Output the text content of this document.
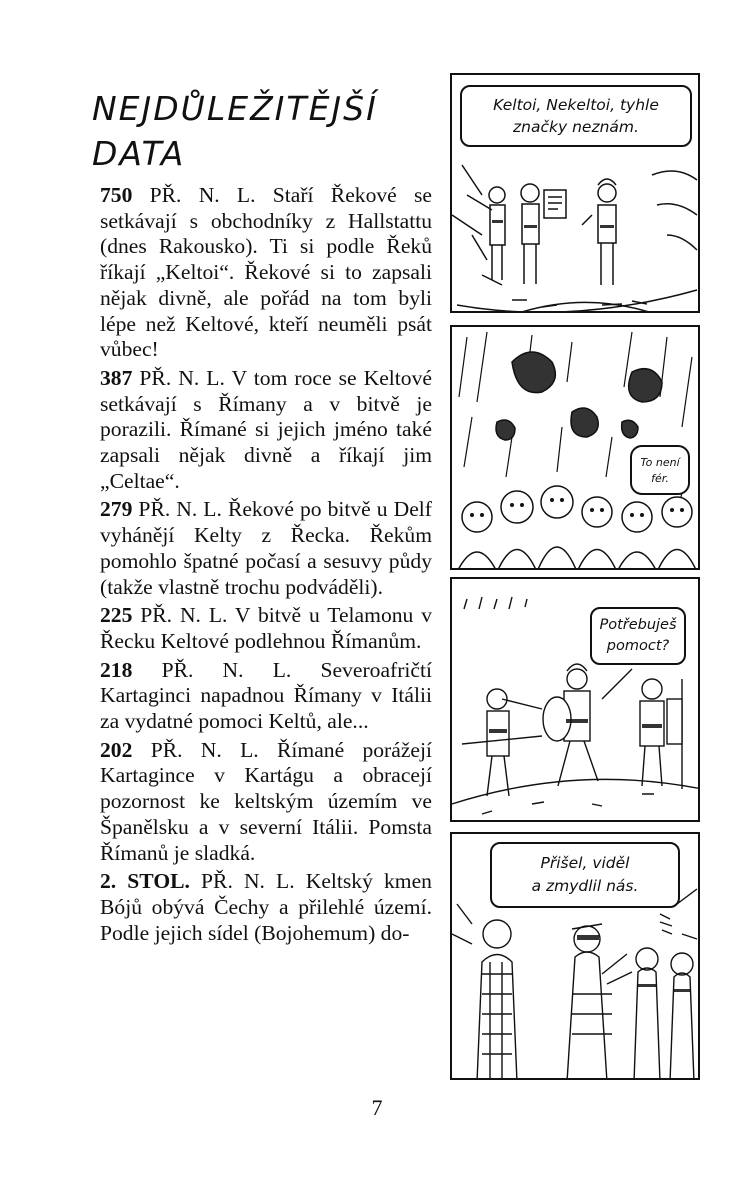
NEJDŮLEŽITĚJŠÍ
DATA

750 PŘ. N. L. Staří Řekové se setkávají s obchodníky z Hallstattu (dnes Rakousko). Ti si podle Řeků říkají „Keltoi“. Řekové si to zapsali nějak divně, ale pořád na tom byli lépe než Keltové, kteří neuměli psát vůbec!

387 PŘ. N. L. V tom roce se Keltové setkávají s Římany a v bitvě je porazili. Římané si jejich jméno také zapsali nějak divně a říkají jim „Celtae“.

279 PŘ. N. L. Řekové po bitvě u Delf vyhánějí Kelty z Řecka. Řekům pomohlo špatné počasí a sesuvy půdy (takže vlastně trochu podváděli).

225 PŘ. N. L. V bitvě u Telamonu v Řecku Keltové podlehnou Římanům.

218 PŘ. N. L. Severoafričtí Kartaginci napadnou Římany v Itálii za vydatné pomoci Keltů, ale...

202 PŘ. N. L. Římané porážejí Kartagince v Kartágu a obracejí pozornost ke keltským územím ve Španělsku a v severní Itálii. Pomsta Římanů je sladká.

2. STOL. PŘ. N. L. Keltský kmen Bójů obývá Čechy a přilehlé území. Podle jejich sídel (Bojohemum) do-

Keltoi, Nekeltoi, tyhle
značky neznám.
To není
fér.
Potřebuješ
pomoct?
Přišel, viděl
a zmydlil nás.
7
